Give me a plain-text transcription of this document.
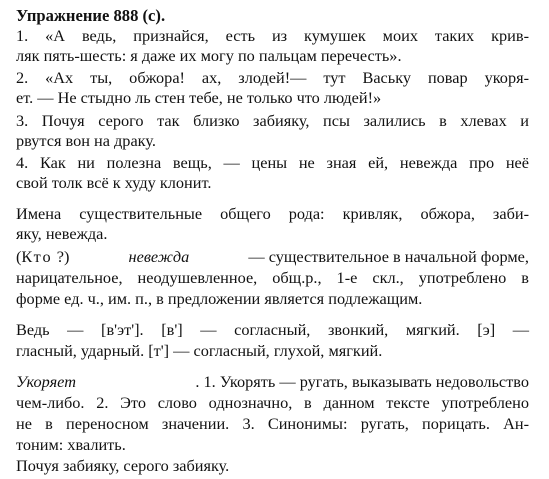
Упражнение 888 (с).
1. «А ведь, признайся, есть из кумушек моих таких крив-
ляк пять-шесть: я даже их могу по пальцам перечесть».
2. «Ах ты, обжора! ах, злодей!— тут Ваську повар укоря-
ет. — Не стыдно ль стен тебе, не только что людей!»
3. Почуя серого так близко забияку, псы залились в хлевах и
рвутся вон на драку.
4. Как ни полезна вещь, — цены не зная ей, невежда про неё
свой толк всё к худу клонит.
Имена существительные общего рода: кривляк, обжора, заби-
яку, невежда.
(Кто ?)	невежда	— существительное в начальной форме,
нарицательное, неодушевленное, общ.р., 1-е скл., употреблено в
форме ед. ч., им. п., в предложении является подлежащим.
Ведь — [в'эт']. [в'] — согласный, звонкий, мягкий. [э] —
гласный, ударный. [т'] — согласный, глухой, мягкий.
Укоряет	. 1. Укорять — ругать, выказывать недовольство
чем-либо. 2. Это слово однозначно, в данном тексте употреблено
не в переносном значении. 3. Синонимы: ругать, порицать. Ан-
тоним: хвалить.
Почуя забияку, серого забияку.
